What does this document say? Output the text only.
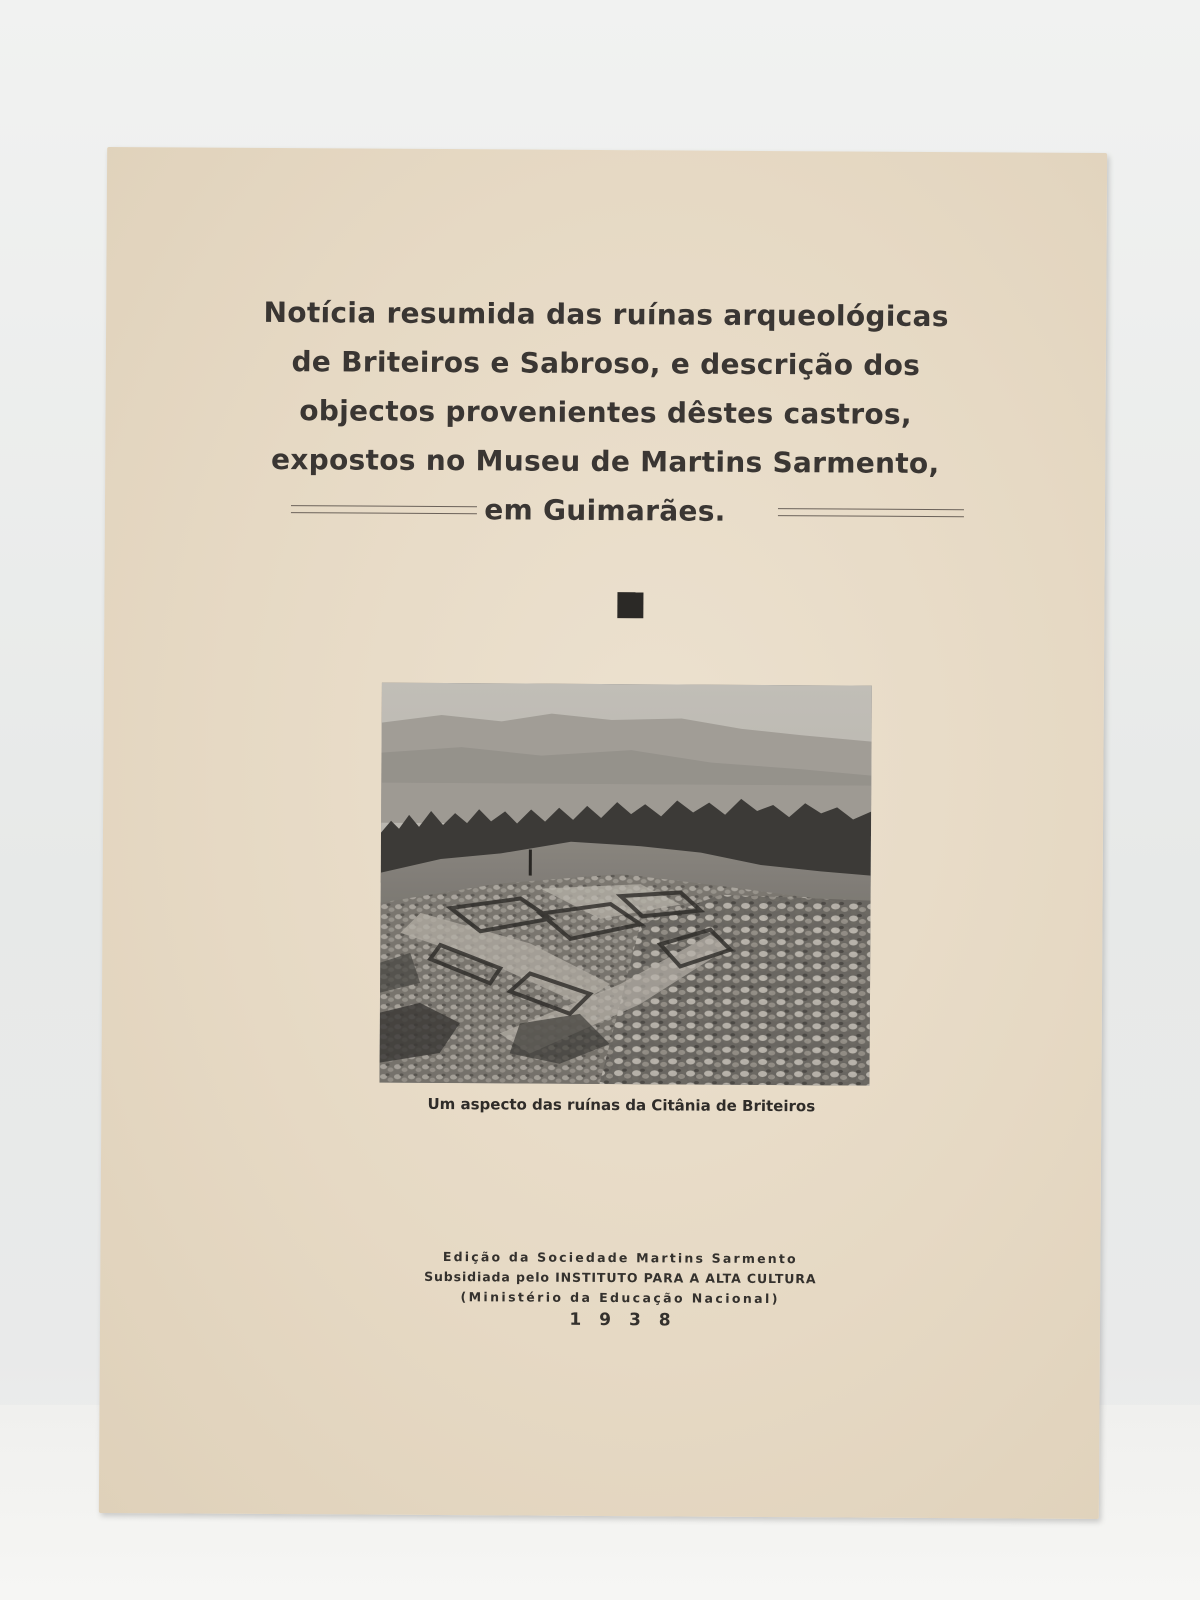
Notícia resumida das ruínas arqueológicas
de Briteiros e Sabroso, e descrição dos
objectos provenientes dêstes castros,
expostos no Museu de Martins Sarmento,
em Guimarães.
Um aspecto das ruínas da Citânia de Briteiros
Edição da Sociedade Martins Sarmento
Subsidiada pelo INSTITUTO PARA A ALTA CULTURA
(Ministério da Educação Nacional)
1938
